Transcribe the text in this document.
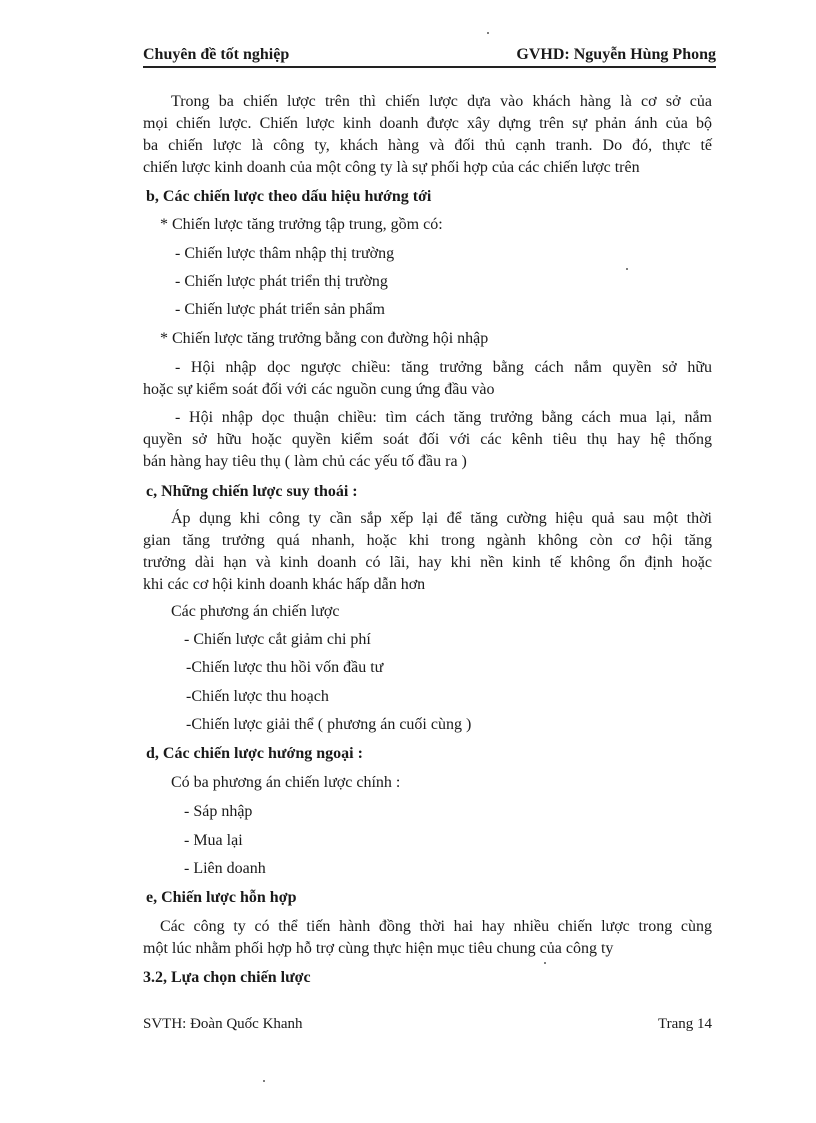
Chuyên đề tốt nghiệp	GVHD: Nguyễn Hùng Phong
Trong ba chiến lược trên thì chiến lược dựa vào khách hàng là cơ sở của
mọi chiến lược. Chiến lược kinh doanh được xây dựng trên sự phản ánh của bộ
ba chiến lược là công ty, khách hàng và đối thủ cạnh tranh. Do đó, thực tế
chiến lược kinh doanh của một công ty là sự phối hợp của các chiến lược trên
b, Các chiến lược theo dấu hiệu hướng tới
* Chiến lược tăng trưởng tập trung, gồm có:
- Chiến lược thâm nhập thị trường
- Chiến lược phát triển thị trường
- Chiến lược phát triển sản phẩm
* Chiến lược tăng trưởng bằng con đường hội nhập
- Hội nhập dọc ngược chiều: tăng trưởng bằng cách nắm quyền sở hữu
hoặc sự kiểm soát đối với các nguồn cung ứng đầu vào
- Hội nhập dọc thuận chiều: tìm cách tăng trưởng bằng cách mua lại, nắm
quyền sở hữu hoặc quyền kiểm soát đối với các kênh tiêu thụ hay hệ thống
bán hàng hay tiêu thụ ( làm chủ các yếu tố đầu ra )
c, Những chiến lược suy thoái :
Áp dụng khi công ty cần sắp xếp lại để tăng cường hiệu quả sau một thời
gian tăng trưởng quá nhanh, hoặc khi trong ngành không còn cơ hội tăng
trưởng dài hạn và kinh doanh có lãi, hay khi nền kinh tế không ổn định hoặc
khi các cơ hội kinh doanh khác hấp dẫn hơn
Các phương án chiến lược
- Chiến lược cắt giảm chi phí
-Chiến lược thu hồi vốn đầu tư
-Chiến lược thu hoạch
-Chiến lược giải thể ( phương án cuối cùng )
d, Các chiến lược hướng ngoại :
Có ba phương án chiến lược chính :
- Sáp nhập
- Mua lại
- Liên doanh
e, Chiến lược hỗn hợp
Các công ty có thể tiến hành đồng thời hai hay nhiều chiến lược trong cùng
một lúc nhằm phối hợp hỗ trợ cùng thực hiện mục tiêu chung của công ty
3.2, Lựa chọn chiến lược
SVTH: Đoàn Quốc Khanh	Trang 14
